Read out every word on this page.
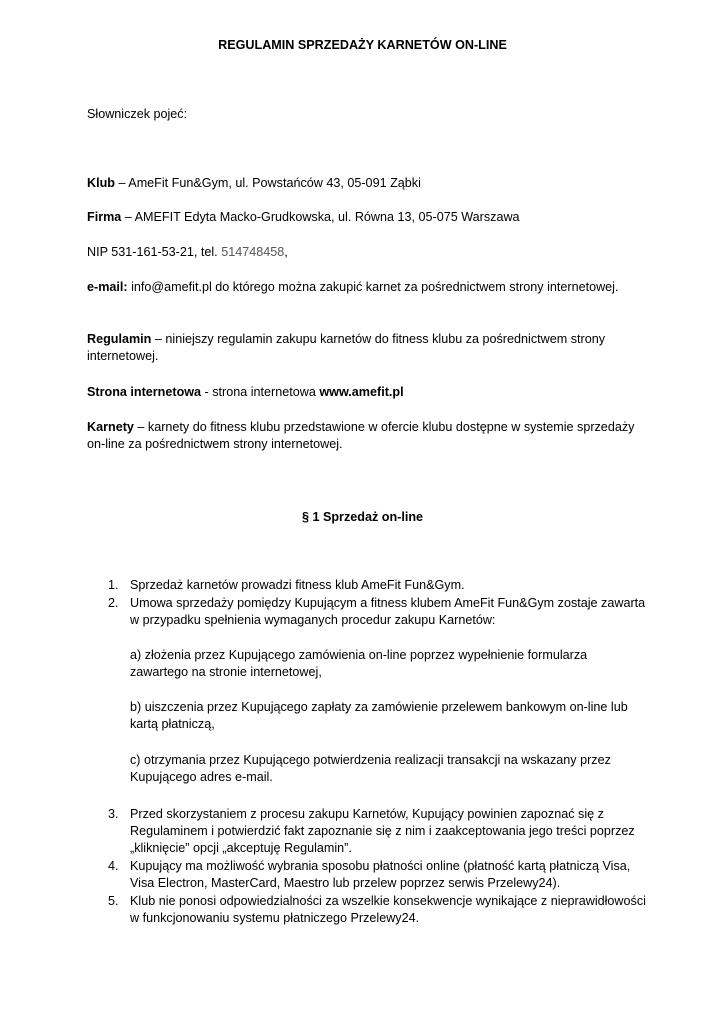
REGULAMIN SPRZEDAŻY KARNETÓW ON-LINE
Słowniczek pojeć:
Klub – AmeFit Fun&Gym, ul. Powstańców 43, 05-091 Ząbki
Firma – AMEFIT Edyta Macko-Grudkowska, ul. Równa 13, 05-075 Warszawa
NIP 531-161-53-21, tel. 514748458,
e-mail: info@amefit.pl do którego można zakupić karnet za pośrednictwem strony internetowej.
Regulamin – niniejszy regulamin zakupu karnetów do fitness klubu za pośrednictwem strony internetowej.
Strona internetowa - strona internetowa www.amefit.pl
Karnety – karnety do fitness klubu przedstawione w ofercie klubu dostępne w systemie sprzedaży on-line za pośrednictwem strony internetowej.
§ 1 Sprzedaż on-line
1. Sprzedaż karnetów prowadzi fitness klub AmeFit Fun&Gym.
2. Umowa sprzedaży pomiędzy Kupującym a fitness klubem AmeFit Fun&Gym zostaje zawarta w przypadku spełnienia wymaganych procedur zakupu Karnetów:
a) złożenia przez Kupującego zamówienia on-line poprzez wypełnienie formularza zawartego na stronie internetowej,
b) uiszczenia przez Kupującego zapłaty za zamówienie przelewem bankowym on-line lub kartą płatniczą,
c) otrzymania przez Kupującego potwierdzenia realizacji transakcji na wskazany przez Kupującego adres e-mail.
3. Przed skorzystaniem z procesu zakupu Karnetów, Kupujący powinien zapoznać się z Regulaminem i potwierdzić fakt zapoznanie się z nim i zaakceptowania jego treści poprzez „kliknięcie” opcji „akceptuję Regulamin”.
4. Kupujący ma możliwość wybrania sposobu płatności online (płatność kartą płatniczą Visa, Visa Electron, MasterCard, Maestro lub przelew poprzez serwis Przelewy24).
5. Klub nie ponosi odpowiedzialności za wszelkie konsekwencje wynikające z nieprawidłowości w funkcjonowaniu systemu płatniczego Przelewy24.
